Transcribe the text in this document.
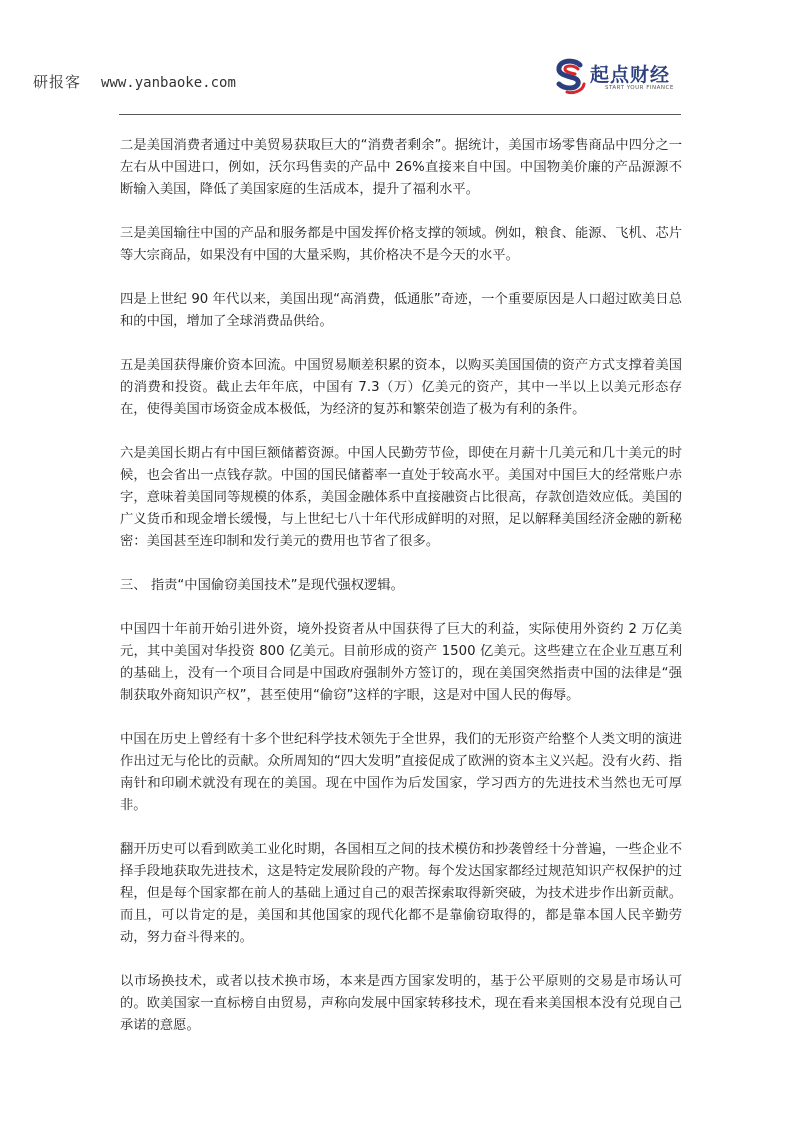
研报客 www.yanbaoke.com	起点财经
START YOUR FINANCE

二是美国消费者通过中美贸易获取巨大的“消费者剩余”。据统计，美国市场零售商品中四分之一左右从中国进口，例如，沃尔玛售卖的产品中 26%直接来自中国。中国物美价廉的产品源源不断输入美国，降低了美国家庭的生活成本，提升了福利水平。

三是美国输往中国的产品和服务都是中国发挥价格支撑的领域。例如，粮食、能源、飞机、芯片等大宗商品，如果没有中国的大量采购，其价格决不是今天的水平。

四是上世纪 90 年代以来，美国出现“高消费，低通胀”奇迹，一个重要原因是人口超过欧美日总和的中国，增加了全球消费品供给。

五是美国获得廉价资本回流。中国贸易顺差积累的资本，以购买美国国债的资产方式支撑着美国的消费和投资。截止去年年底，中国有 7.3（万）亿美元的资产，其中一半以上以美元形态存在，使得美国市场资金成本极低，为经济的复苏和繁荣创造了极为有利的条件。

六是美国长期占有中国巨额储蓄资源。中国人民勤劳节俭，即使在月薪十几美元和几十美元的时候，也会省出一点钱存款。中国的国民储蓄率一直处于较高水平。美国对中国巨大的经常账户赤字，意味着美国同等规模的体系，美国金融体系中直接融资占比很高，存款创造效应低。美国的广义货币和现金增长缓慢，与上世纪七八十年代形成鲜明的对照，足以解释美国经济金融的新秘密：美国甚至连印制和发行美元的费用也节省了很多。

三、 指责“中国偷窃美国技术”是现代强权逻辑。

中国四十年前开始引进外资，境外投资者从中国获得了巨大的利益，实际使用外资约 2 万亿美元，其中美国对华投资 800 亿美元。目前形成的资产 1500 亿美元。这些建立在企业互惠互利的基础上，没有一个项目合同是中国政府强制外方签订的，现在美国突然指责中国的法律是“强制获取外商知识产权”，甚至使用“偷窃”这样的字眼，这是对中国人民的侮辱。

中国在历史上曾经有十多个世纪科学技术领先于全世界，我们的无形资产给整个人类文明的演进作出过无与伦比的贡献。众所周知的“四大发明”直接促成了欧洲的资本主义兴起。没有火药、指南针和印刷术就没有现在的美国。现在中国作为后发国家，学习西方的先进技术当然也无可厚非。

翻开历史可以看到欧美工业化时期，各国相互之间的技术模仿和抄袭曾经十分普遍，一些企业不择手段地获取先进技术，这是特定发展阶段的产物。每个发达国家都经过规范知识产权保护的过程，但是每个国家都在前人的基础上通过自己的艰苦探索取得新突破，为技术进步作出新贡献。而且，可以肯定的是，美国和其他国家的现代化都不是靠偷窃取得的，都是靠本国人民辛勤劳动，努力奋斗得来的。

以市场换技术，或者以技术换市场，本来是西方国家发明的，基于公平原则的交易是市场认可的。欧美国家一直标榜自由贸易，声称向发展中国家转移技术，现在看来美国根本没有兑现自己承诺的意愿。
